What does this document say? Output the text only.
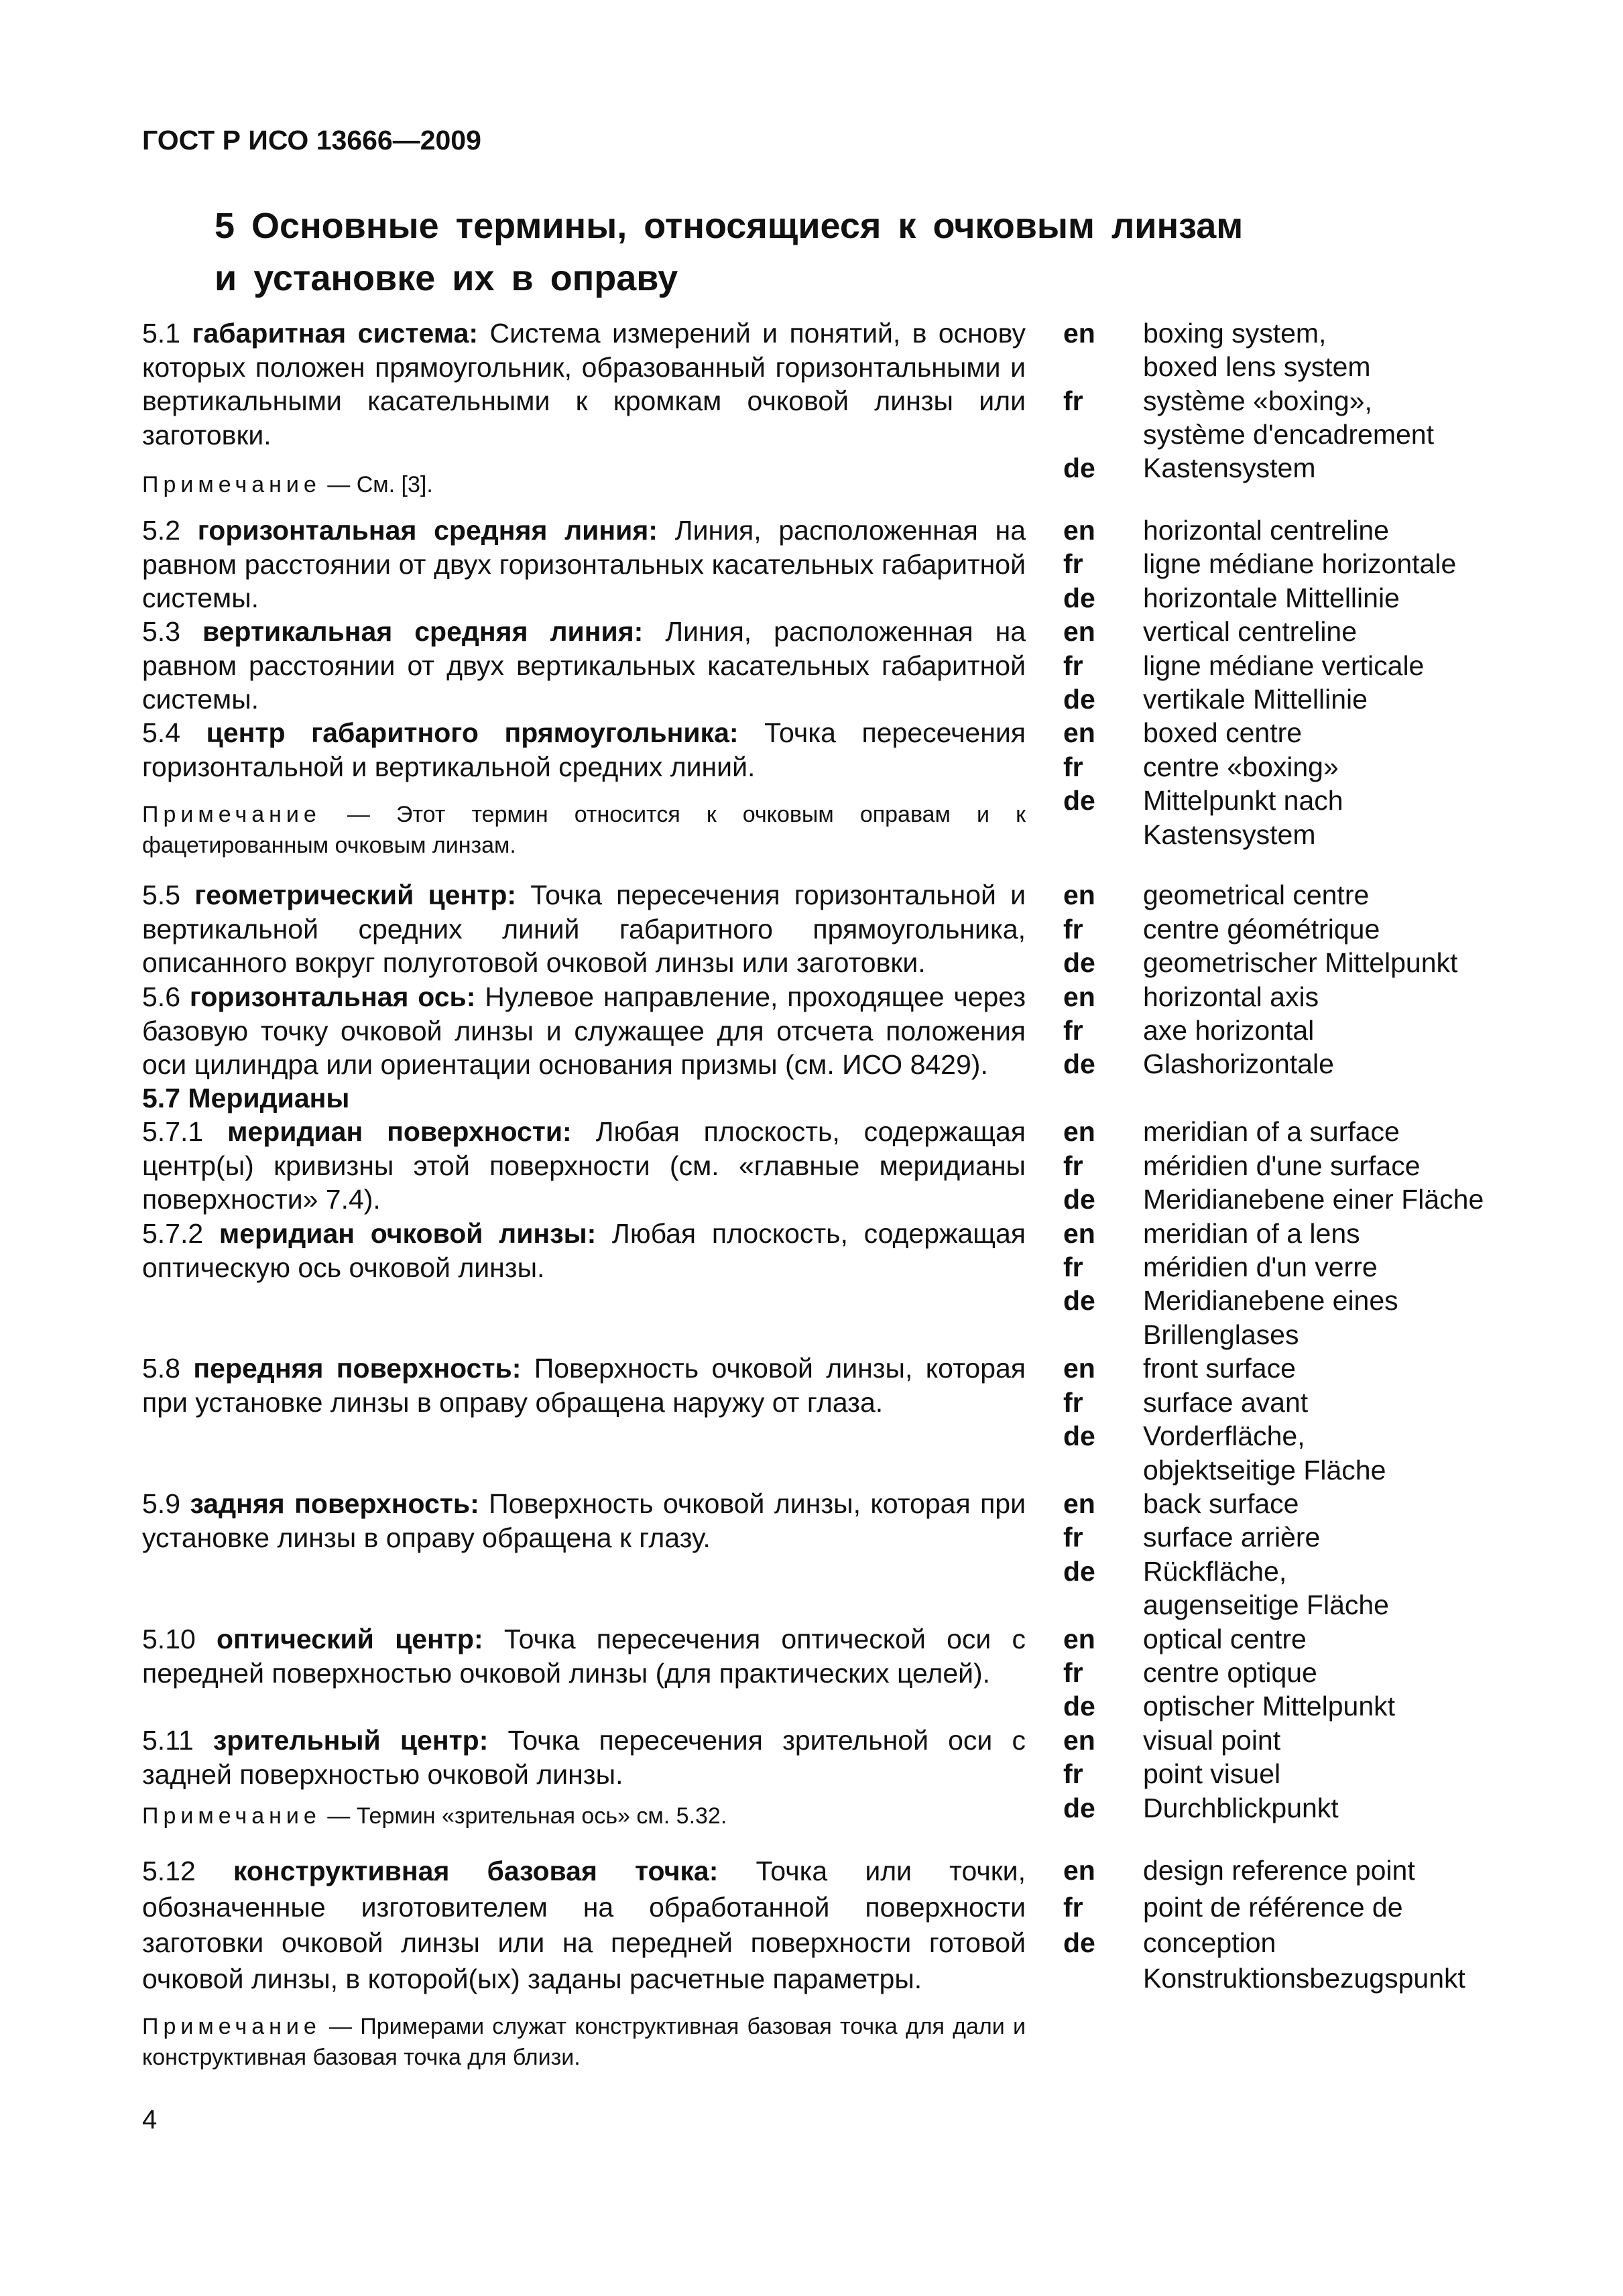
ГОСТ Р ИСО 13666—2009
5 Основные термины, относящиеся к очковым линзам
и установке их в оправу

5.1 габаритная система: Система измерений и понятий, в основу которых положен прямоугольник, образованный горизонтальными и вертикальными касательными к кромкам очковой линзы или заготовки.

Примечание — См. [3].

en boxing system,

boxed lens system

fr système «boxing»,

système d'encadrement

de Kastensystem

5.2 горизонтальная средняя линия: Линия, расположенная на равном расстоянии от двух горизонтальных касательных габаритной системы.

en horizontal centreline

fr ligne médiane horizontale

de horizontale Mittellinie

5.3 вертикальная средняя линия: Линия, расположенная на равном расстоянии от двух вертикальных касательных габаритной системы.

en vertical centreline

fr ligne médiane verticale

de vertikale Mittellinie

5.4 центр габаритного прямоугольника: Точка пересечения горизонтальной и вертикальной средних линий.

Примечание — Этот термин относится к очковым оправам и к фацетированным очковым линзам.

en boxed centre

fr centre «boxing»

de Mittelpunkt nach

Kastensystem

5.5 геометрический центр: Точка пересечения горизонтальной и вертикальной средних линий габаритного прямоугольника, описанного вокруг полуготовой очковой линзы или заготовки.

en geometrical centre

fr centre géométrique

de geometrischer Mittelpunkt

5.6 горизонтальная ось: Нулевое направление, проходящее через базовую точку очковой линзы и служащее для отсчета положения оси цилиндра или ориентации основания призмы (см. ИСО 8429).

en horizontal axis

fr axe horizontal

de Glashorizontale

5.7 Меридианы

5.7.1 меридиан поверхности: Любая плоскость, содержащая центр(ы) кривизны этой поверхности (см. «главные меридианы поверхности» 7.4).

en meridian of a surface

fr méridien d'une surface

de Meridianebene einer Fläche

5.7.2 меридиан очковой линзы: Любая плоскость, содержащая оптическую ось очковой линзы.

en meridian of a lens

fr méridien d'un verre

de Meridianebene eines

Brillenglases

5.8 передняя поверхность: Поверхность очковой линзы, которая при установке линзы в оправу обращена наружу от глаза.

en front surface

fr surface avant

de Vorderfläche,

objektseitige Fläche

5.9 задняя поверхность: Поверхность очковой линзы, которая при установке линзы в оправу обращена к глазу.

en back surface

fr surface arrière

de Rückfläche,

augenseitige Fläche

5.10 оптический центр: Точка пересечения оптической оси с передней поверхностью очковой линзы (для практических целей).

en optical centre

fr centre optique

de optischer Mittelpunkt

5.11 зрительный центр: Точка пересечения зрительной оси с задней поверхностью очковой линзы.

Примечание — Термин «зрительная ось» см. 5.32.

en visual point

fr point visuel

de Durchblickpunkt

5.12 конструктивная базовая точка: Точка или точки, обозначенные изготовителем на обработанной поверхности заготовки очковой линзы или на передней поверхности готовой очковой линзы, в которой(ых) заданы расчетные параметры.

Примечание — Примерами служат конструктивная базовая точка для дали и конструктивная базовая точка для близи.

en design reference point

fr point de référence de

de conception

Konstruktionsbezugspunkt

4
